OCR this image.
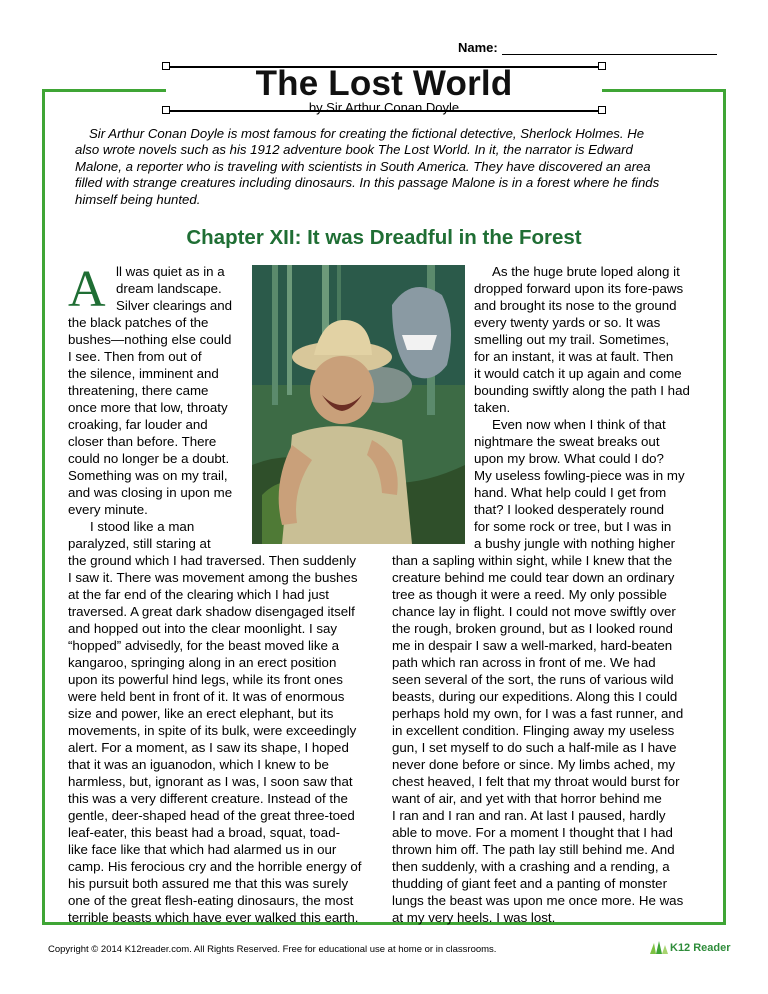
Name:
The Lost World
by Sir Arthur Conan Doyle
Sir Arthur Conan Doyle is most famous for creating the fictional detective, Sherlock Holmes. He
also wrote novels such as his 1912 adventure book The Lost World. In it, the narrator is Edward
Malone, a reporter who is traveling with scientists in South America. They have discovered an area
filled with strange creatures including dinosaurs. In this passage Malone is in a forest where he finds
himself being hunted.
Chapter XII: It was Dreadful in the Forest
A ll was quiet as in a
dream landscape.
Silver clearings and
the black patches of the
bushes—nothing else could
I see. Then from out of
the silence, imminent and
threatening, there came
once more that low, throaty
croaking, far louder and
closer than before. There
could no longer be a doubt.
Something was on my trail,
and was closing in upon me
every minute.
I stood like a man
paralyzed, still staring at
the ground which I had traversed. Then suddenly
I saw it. There was movement among the bushes
at the far end of the clearing which I had just
traversed. A great dark shadow disengaged itself
and hopped out into the clear moonlight. I say
“hopped” advisedly, for the beast moved like a
kangaroo, springing along in an erect position
upon its powerful hind legs, while its front ones
were held bent in front of it. It was of enormous
size and power, like an erect elephant, but its
movements, in spite of its bulk, were exceedingly
alert. For a moment, as I saw its shape, I hoped
that it was an iguanodon, which I knew to be
harmless, but, ignorant as I was, I soon saw that
this was a very different creature. Instead of the
gentle, deer-shaped head of the great three-toed
leaf-eater, this beast had a broad, squat, toad-
like face like that which had alarmed us in our
camp. His ferocious cry and the horrible energy of
his pursuit both assured me that this was surely
one of the great flesh-eating dinosaurs, the most
terrible beasts which have ever walked this earth.
As the huge brute loped along it
dropped forward upon its fore-paws
and brought its nose to the ground
every twenty yards or so. It was
smelling out my trail. Sometimes,
for an instant, it was at fault. Then
it would catch it up again and come
bounding swiftly along the path I had
taken.
Even now when I think of that
nightmare the sweat breaks out
upon my brow. What could I do?
My useless fowling-piece was in my
hand. What help could I get from
that? I looked desperately round
for some rock or tree, but I was in
a bushy jungle with nothing higher
than a sapling within sight, while I knew that the
creature behind me could tear down an ordinary
tree as though it were a reed. My only possible
chance lay in flight. I could not move swiftly over
the rough, broken ground, but as I looked round
me in despair I saw a well-marked, hard-beaten
path which ran across in front of me. We had
seen several of the sort, the runs of various wild
beasts, during our expeditions. Along this I could
perhaps hold my own, for I was a fast runner, and
in excellent condition. Flinging away my useless
gun, I set myself to do such a half-mile as I have
never done before or since. My limbs ached, my
chest heaved, I felt that my throat would burst for
want of air, and yet with that horror behind me
I ran and I ran and ran. At last I paused, hardly
able to move. For a moment I thought that I had
thrown him off. The path lay still behind me. And
then suddenly, with a crashing and a rending, a
thudding of giant feet and a panting of monster
lungs the beast was upon me once more. He was
at my very heels. I was lost.
Copyright © 2014 K12reader.com. All Rights Reserved. Free for educational use at home or in classrooms.	K12 Reader
